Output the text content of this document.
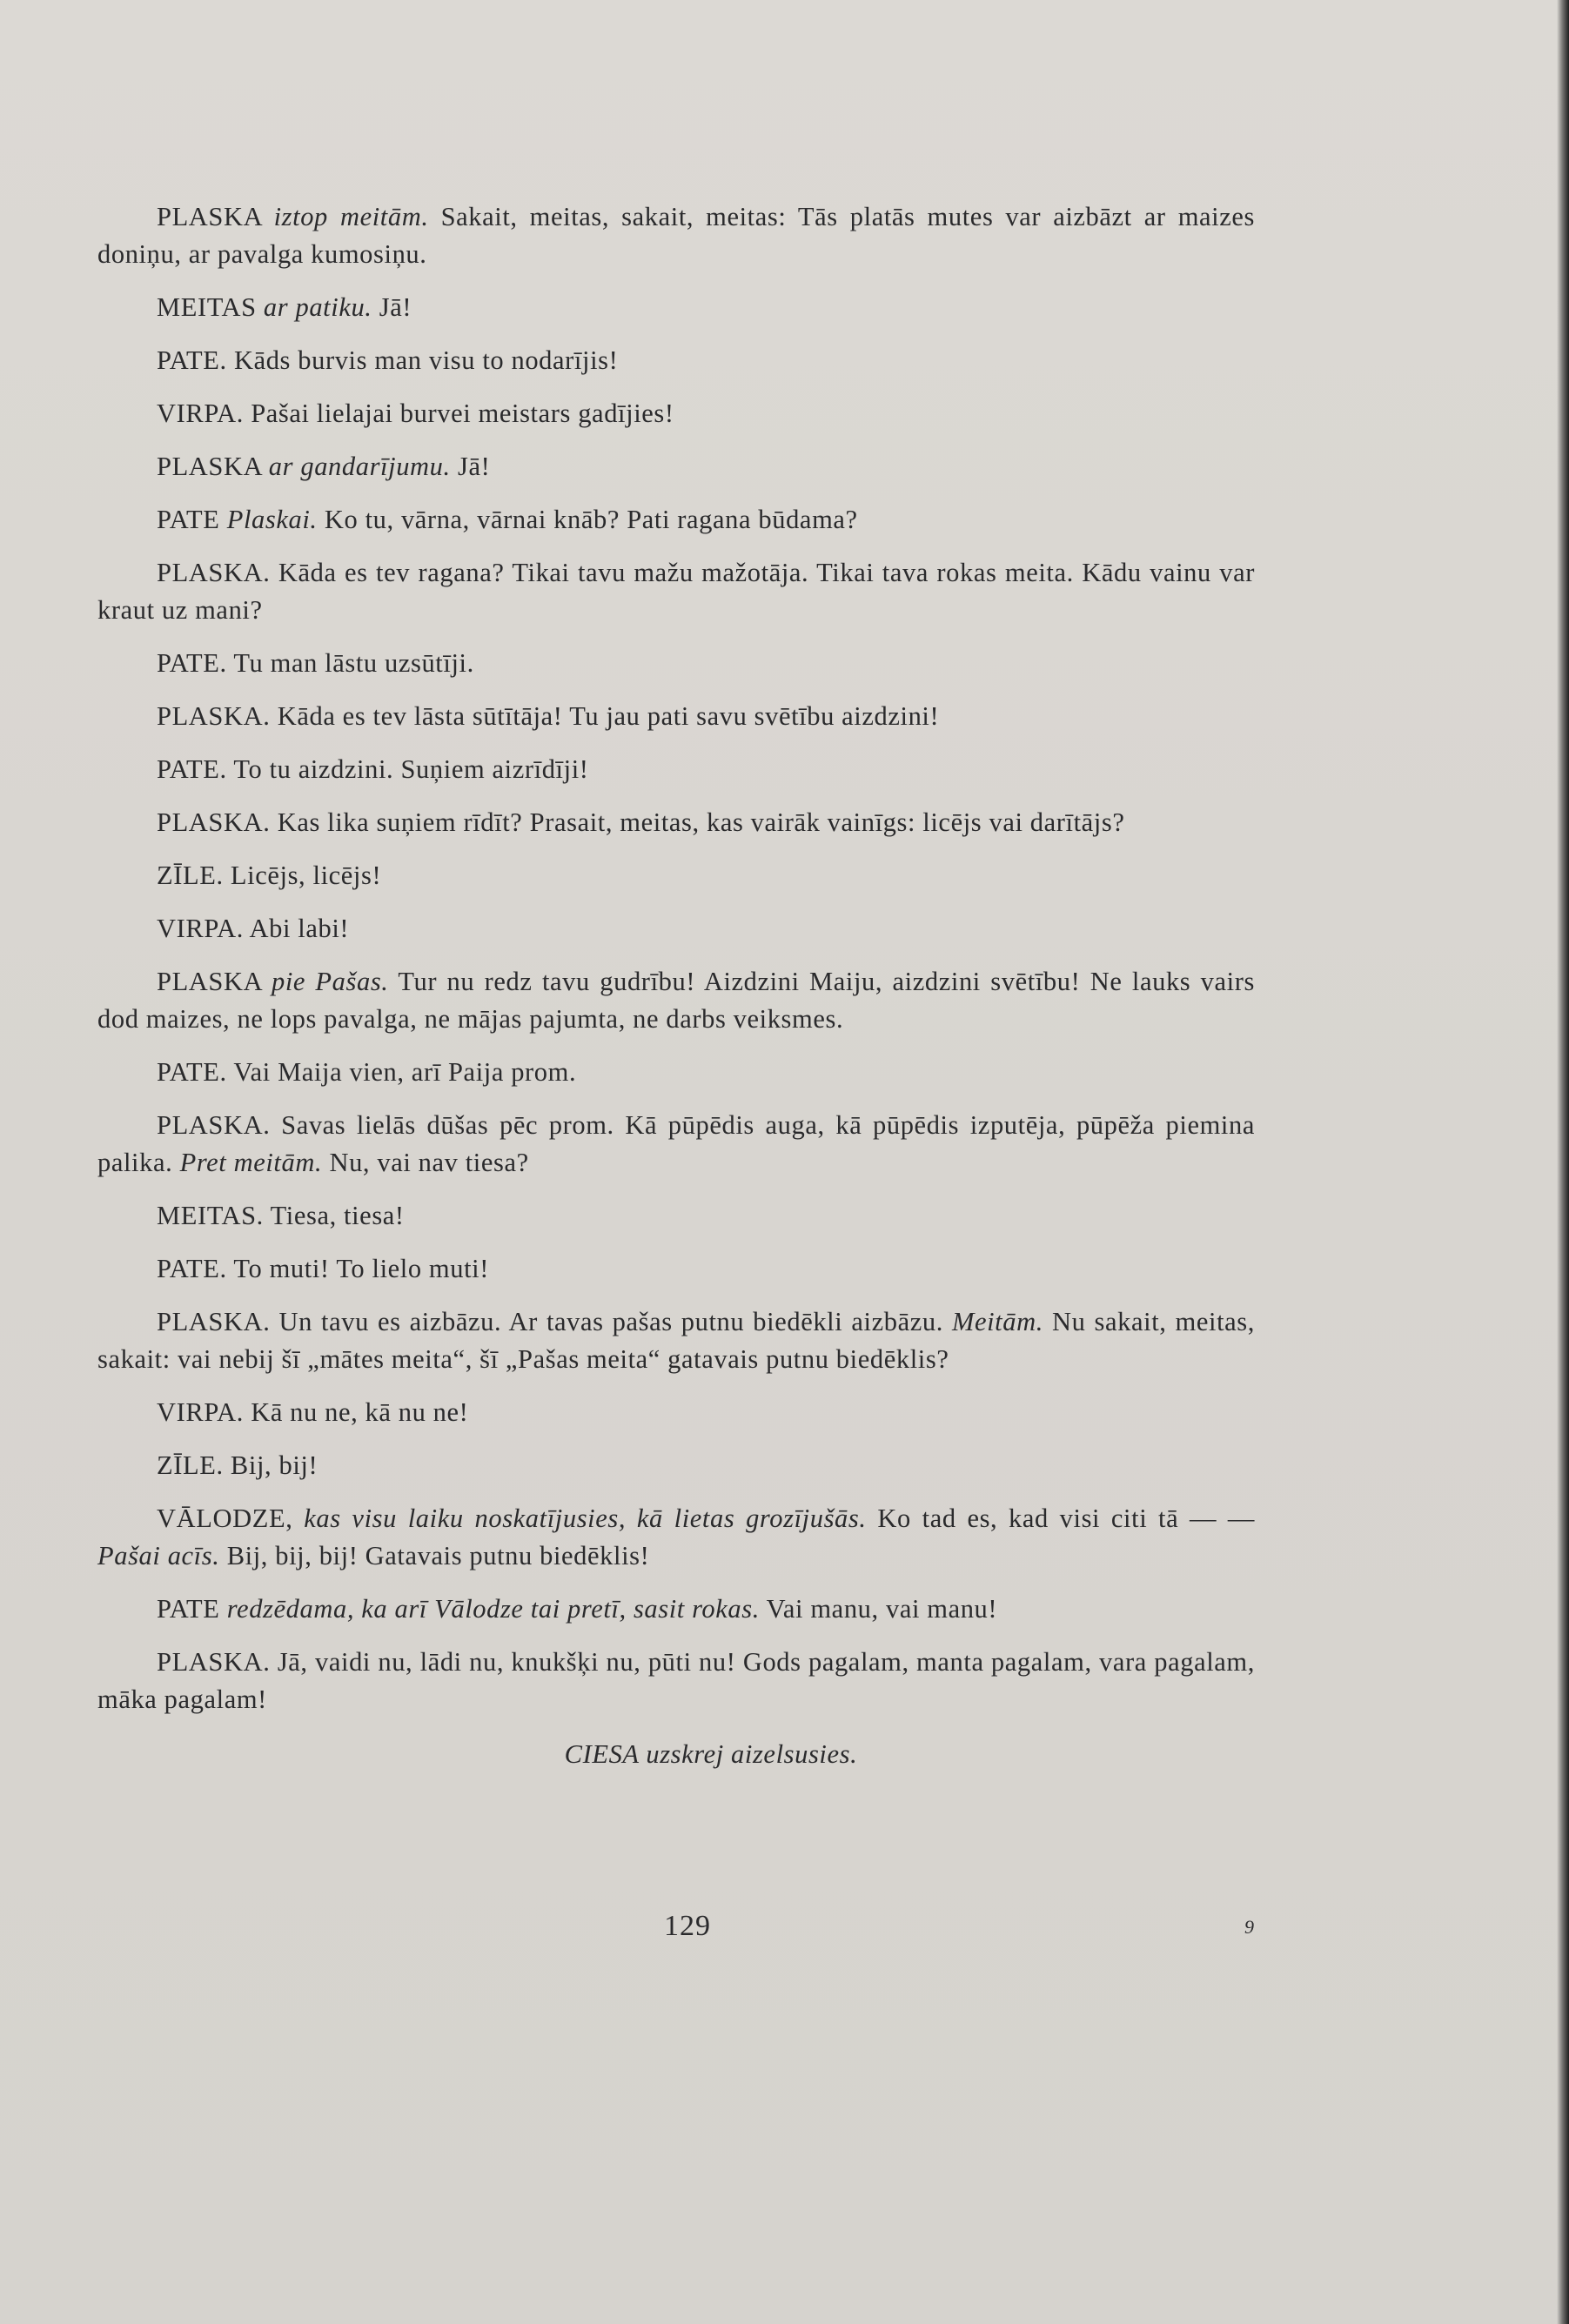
PLASKA iztop meitām. Sakait, meitas, sakait, meitas: Tās platās mutes var aizbāzt ar maizes doniņu, ar pavalga kumosiņu.

MEITAS ar patiku. Jā!

PATE. Kāds burvis man visu to nodarījis!

VIRPA. Pašai lielajai burvei meistars gadījies!

PLASKA ar gandarījumu. Jā!

PATE Plaskai. Ko tu, vārna, vārnai knāb? Pati ragana būdama?

PLASKA. Kāda es tev ragana? Tikai tavu mažu mažotāja. Tikai tava rokas meita. Kādu vainu var kraut uz mani?

PATE. Tu man lāstu uzsūtīji.

PLASKA. Kāda es tev lāsta sūtītāja! Tu jau pati savu svētību aizdzini!

PATE. To tu aizdzini. Suņiem aizrīdīji!

PLASKA. Kas lika suņiem rīdīt? Prasait, meitas, kas vairāk vainīgs: licējs vai darītājs?

ZĪLE. Licējs, licējs!

VIRPA. Abi labi!

PLASKA pie Pašas. Tur nu redz tavu gudrību! Aizdzini Maiju, aizdzini svētību! Ne lauks vairs dod maizes, ne lops pavalga, ne mājas pajumta, ne darbs veiksmes.

PATE. Vai Maija vien, arī Paija prom.

PLASKA. Savas lielās dūšas pēc prom. Kā pūpēdis auga, kā pūpēdis izputēja, pūpēža pieminа palika. Pret meitām. Nu, vai nav tiesa?

MEITAS. Tiesa, tiesa!

PATE. To muti! To lielo muti!

PLASKA. Un tavu es aizbāzu. Ar tavas pašas putnu biedēkli aizbāzu. Meitām. Nu sakait, meitas, sakait: vai nebij šī „mātes meita“, šī „Pašas meita“ gatavais putnu biedēklis?

VIRPA. Kā nu ne, kā nu ne!

ZĪLE. Bij, bij!

VĀLODZE, kas visu laiku noskatījusies, kā lietas grozījušās. Ko tad es, kad visi citi tā — — Pašai acīs. Bij, bij, bij! Gatavais putnu biedēklis!

PATE redzēdama, ka arī Vālodze tai pretī, sasit rokas. Vai manu, vai manu!

PLASKA. Jā, vaidi nu, lādi nu, knukšķi nu, pūti nu! Gods pagalam, manta pagalam, vara pagalam, māka pagalam!

CIESA uzskrej aizelsusies.

129	9
